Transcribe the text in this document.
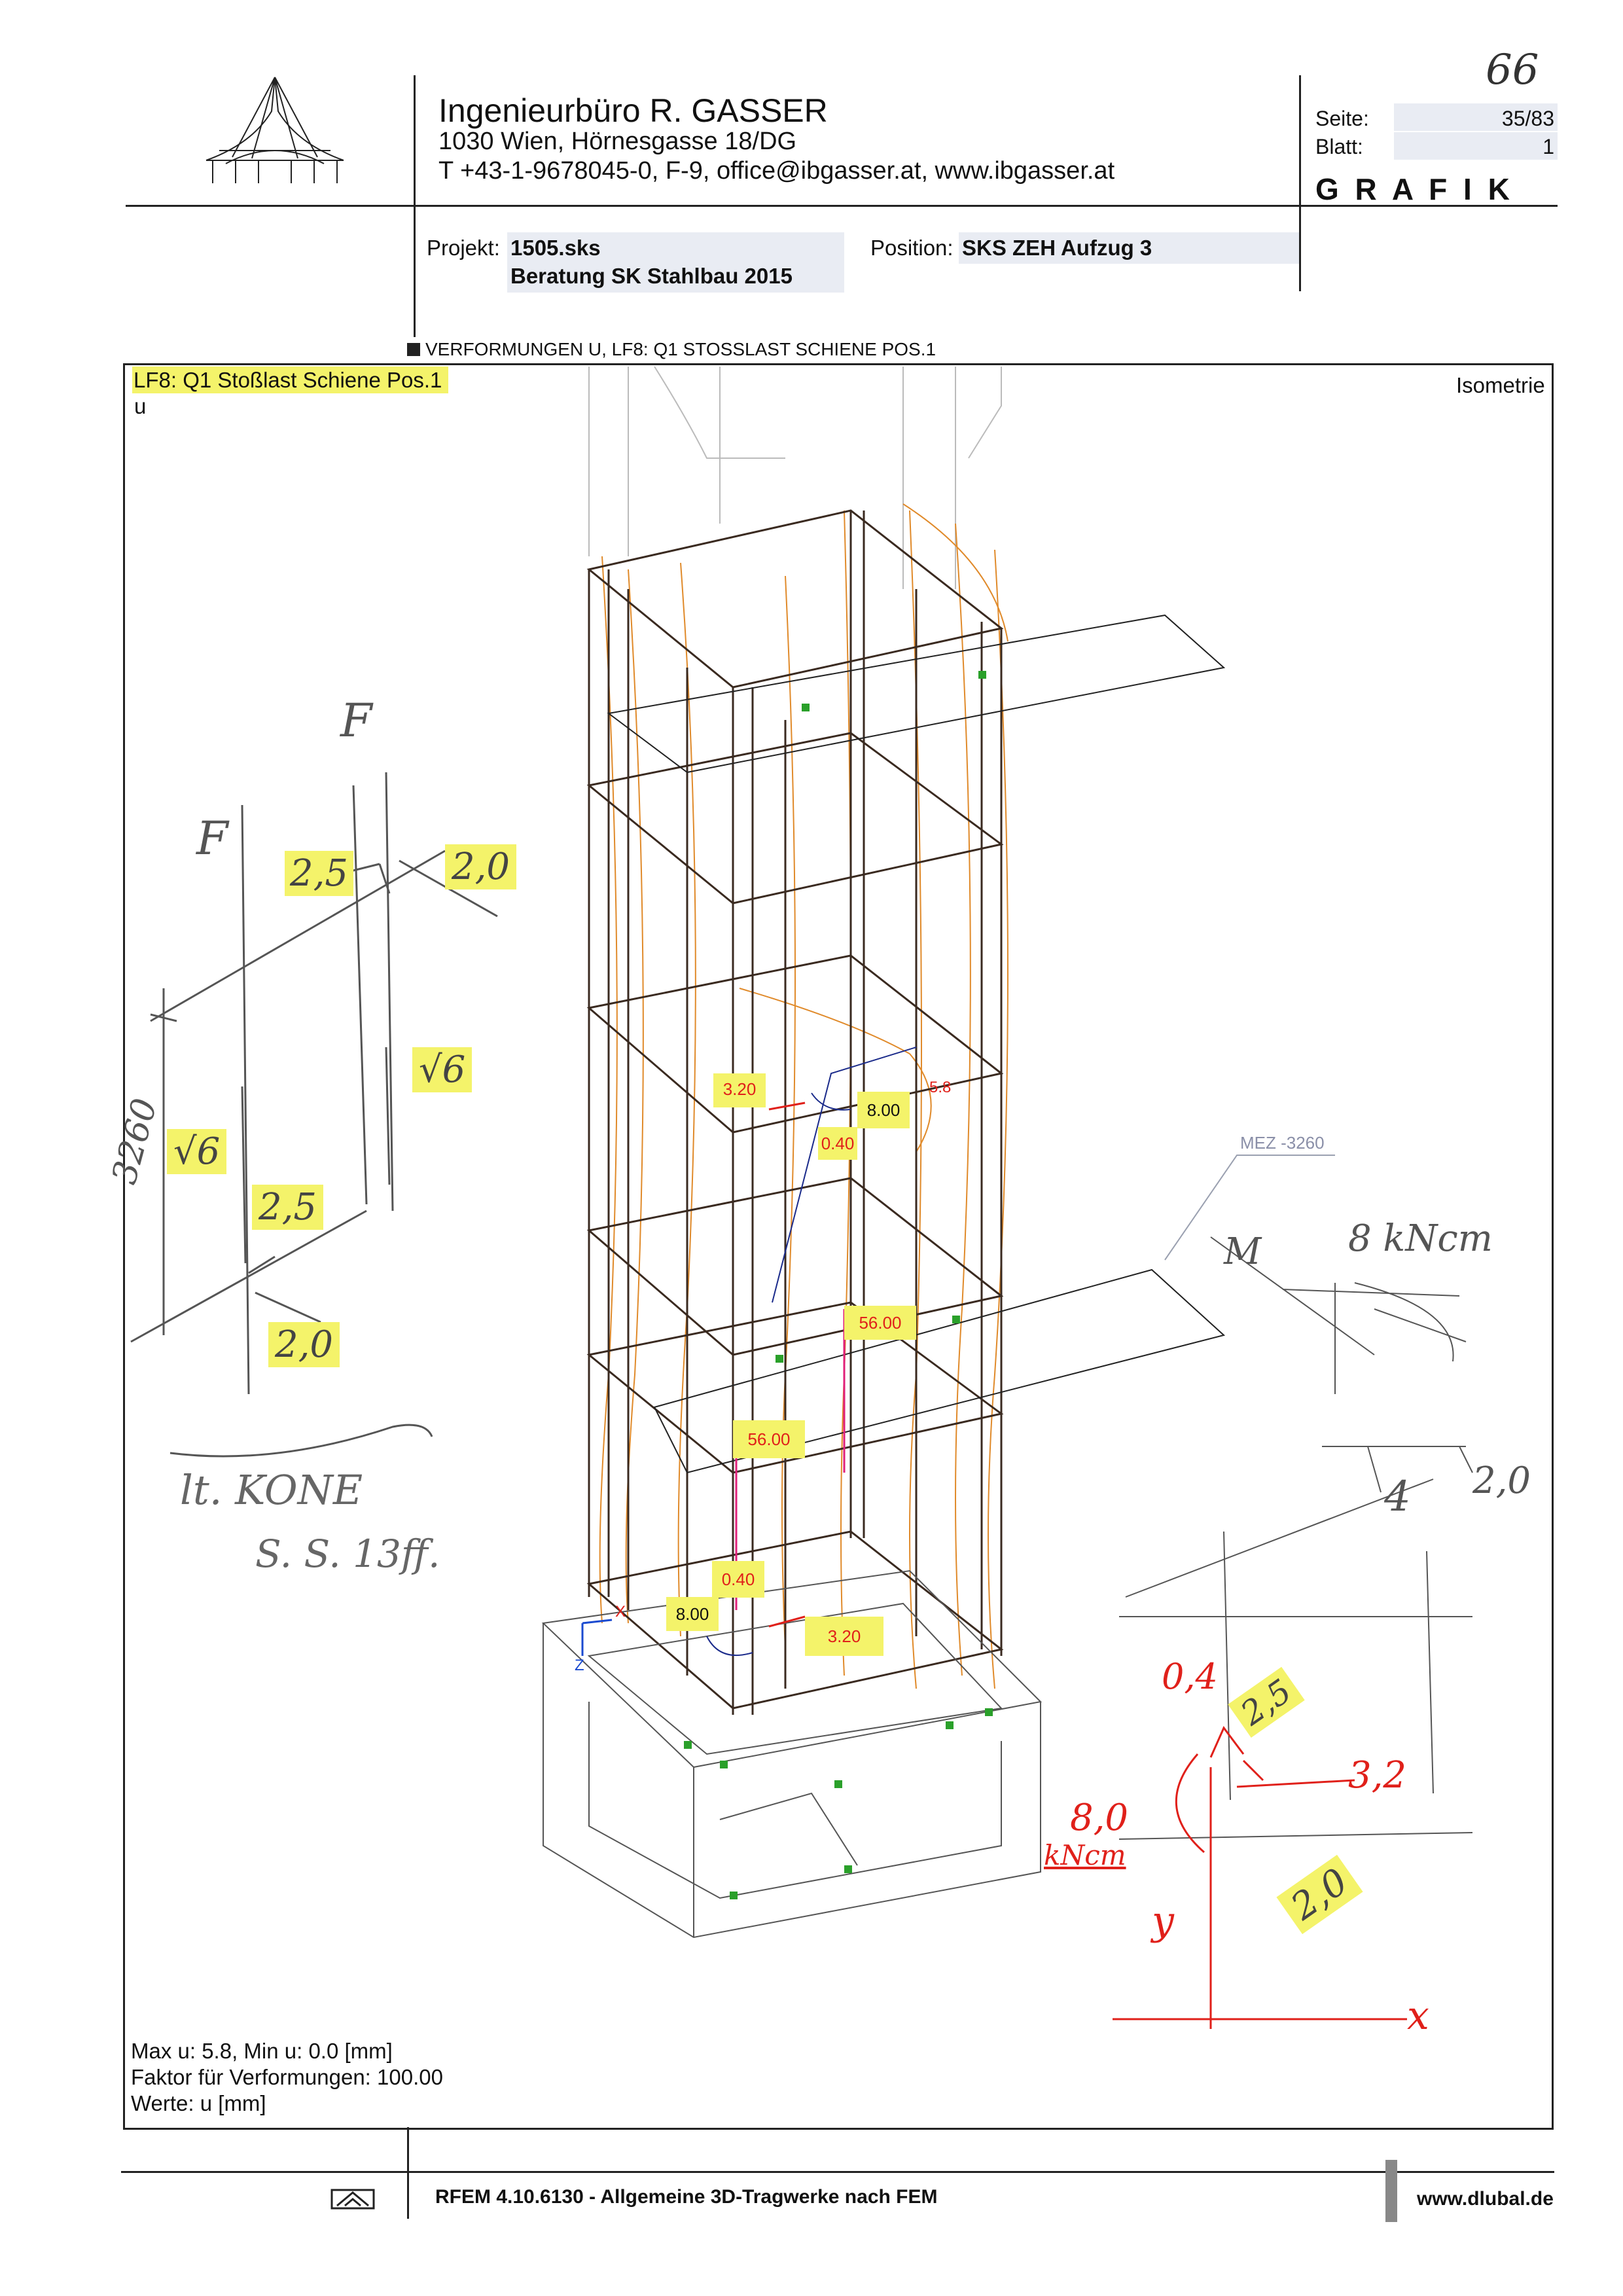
66
Ingenieurbüro R. GASSER
1030 Wien, Hörnesgasse 18/DG
T +43-1-9678045-0, F-9, office@ibgasser.at, www.ibgasser.at
Seite:	35/83
Blatt:	1
G R A F I K
Projekt: 1505.sks
Beratung SK Stahlbau 2015
Position: SKS ZEH Aufzug 3
VERFORMUNGEN U, LF8: Q1 STOSSLAST SCHIENE POS.1
LF8: Q1 Stoßlast Schiene Pos.1
u
Isometrie
X
Z
MEZ -3260
3.20
8.00
0.40
5.8
56.00
56.00
0.40
8.00
3.20
F
F
2,5	2,0
√6
√6
3260
2,5
2,0
lt. KONE
S. S. 13ff.
M 8 kNcm
4 2,0
0,4 2,5
3,2
8,0
kNcm
2,0
y
x
Max u: 5.8, Min u: 0.0 [mm]
Faktor für Verformungen: 100.00
Werte: u [mm]
RFEM 4.10.6130 - Allgemeine 3D-Tragwerke nach FEM	www.dlubal.de
